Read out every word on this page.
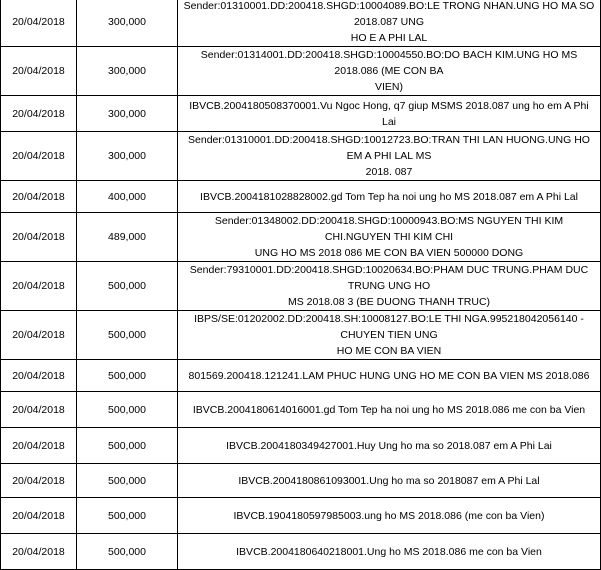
20/04/2018	300,000	Sender:01310001.DD:200418.SHGD:10004089.BO:LE TRONG NHAN.UNG HO MA SO 2018.087 UNG
HO E A PHI LAL

20/04/2018	300,000	Sender:01314001.DD:200418.SHGD:10004550.BO:DO BACH KIM.UNG HO MS 2018.086 (ME CON BA
VIEN)

20/04/2018	300,000	IBVCB.2004180508370001.Vu Ngoc Hong, q7 giup MSMS 2018.087 ung ho em A Phi Lai

20/04/2018	300,000	Sender:01310001.DD:200418.SHGD:10012723.BO:TRAN THI LAN HUONG.UNG HO EM A PHI LAL MS
2018. 087

20/04/2018	400,000	IBVCB.2004181028828002.gd Tom Tep ha noi ung ho MS 2018.087 em A Phi Lal

20/04/2018	489,000	Sender:01348002.DD:200418.SHGD:10000943.BO:MS NGUYEN THI KIM CHI.NGUYEN THI KIM CHI
UNG HO MS 2018 086 ME CON BA VIEN 500000 DONG

20/04/2018	500,000	Sender:79310001.DD:200418.SHGD:10020634.BO:PHAM DUC TRUNG.PHAM DUC TRUNG UNG HO
MS 2018.08 3 (BE DUONG THANH TRUC)

20/04/2018	500,000	IBPS/SE:01202002.DD:200418.SH:10008127.BO:LE THI NGA.995218042056140 - CHUYEN TIEN UNG
HO ME CON BA VIEN

20/04/2018	500,000	801569.200418.121241.LAM PHUC HUNG UNG HO ME CON BA VIEN MS 2018.086

20/04/2018	500,000	IBVCB.2004180614016001.gd Tom Tep ha noi ung ho MS 2018.086 me con ba Vien

20/04/2018	500,000	IBVCB.2004180349427001.Huy Ung ho ma so 2018.087 em A Phi Lai

20/04/2018	500,000	IBVCB.2004180861093001.Ung ho ma so 2018087 em A Phi Lal

20/04/2018	500,000	IBVCB.1904180597985003.ung ho MS 2018.086 (me con ba Vien)

20/04/2018	500,000	IBVCB.2004180640218001.Ung ho MS 2018.086 me con ba Vien
